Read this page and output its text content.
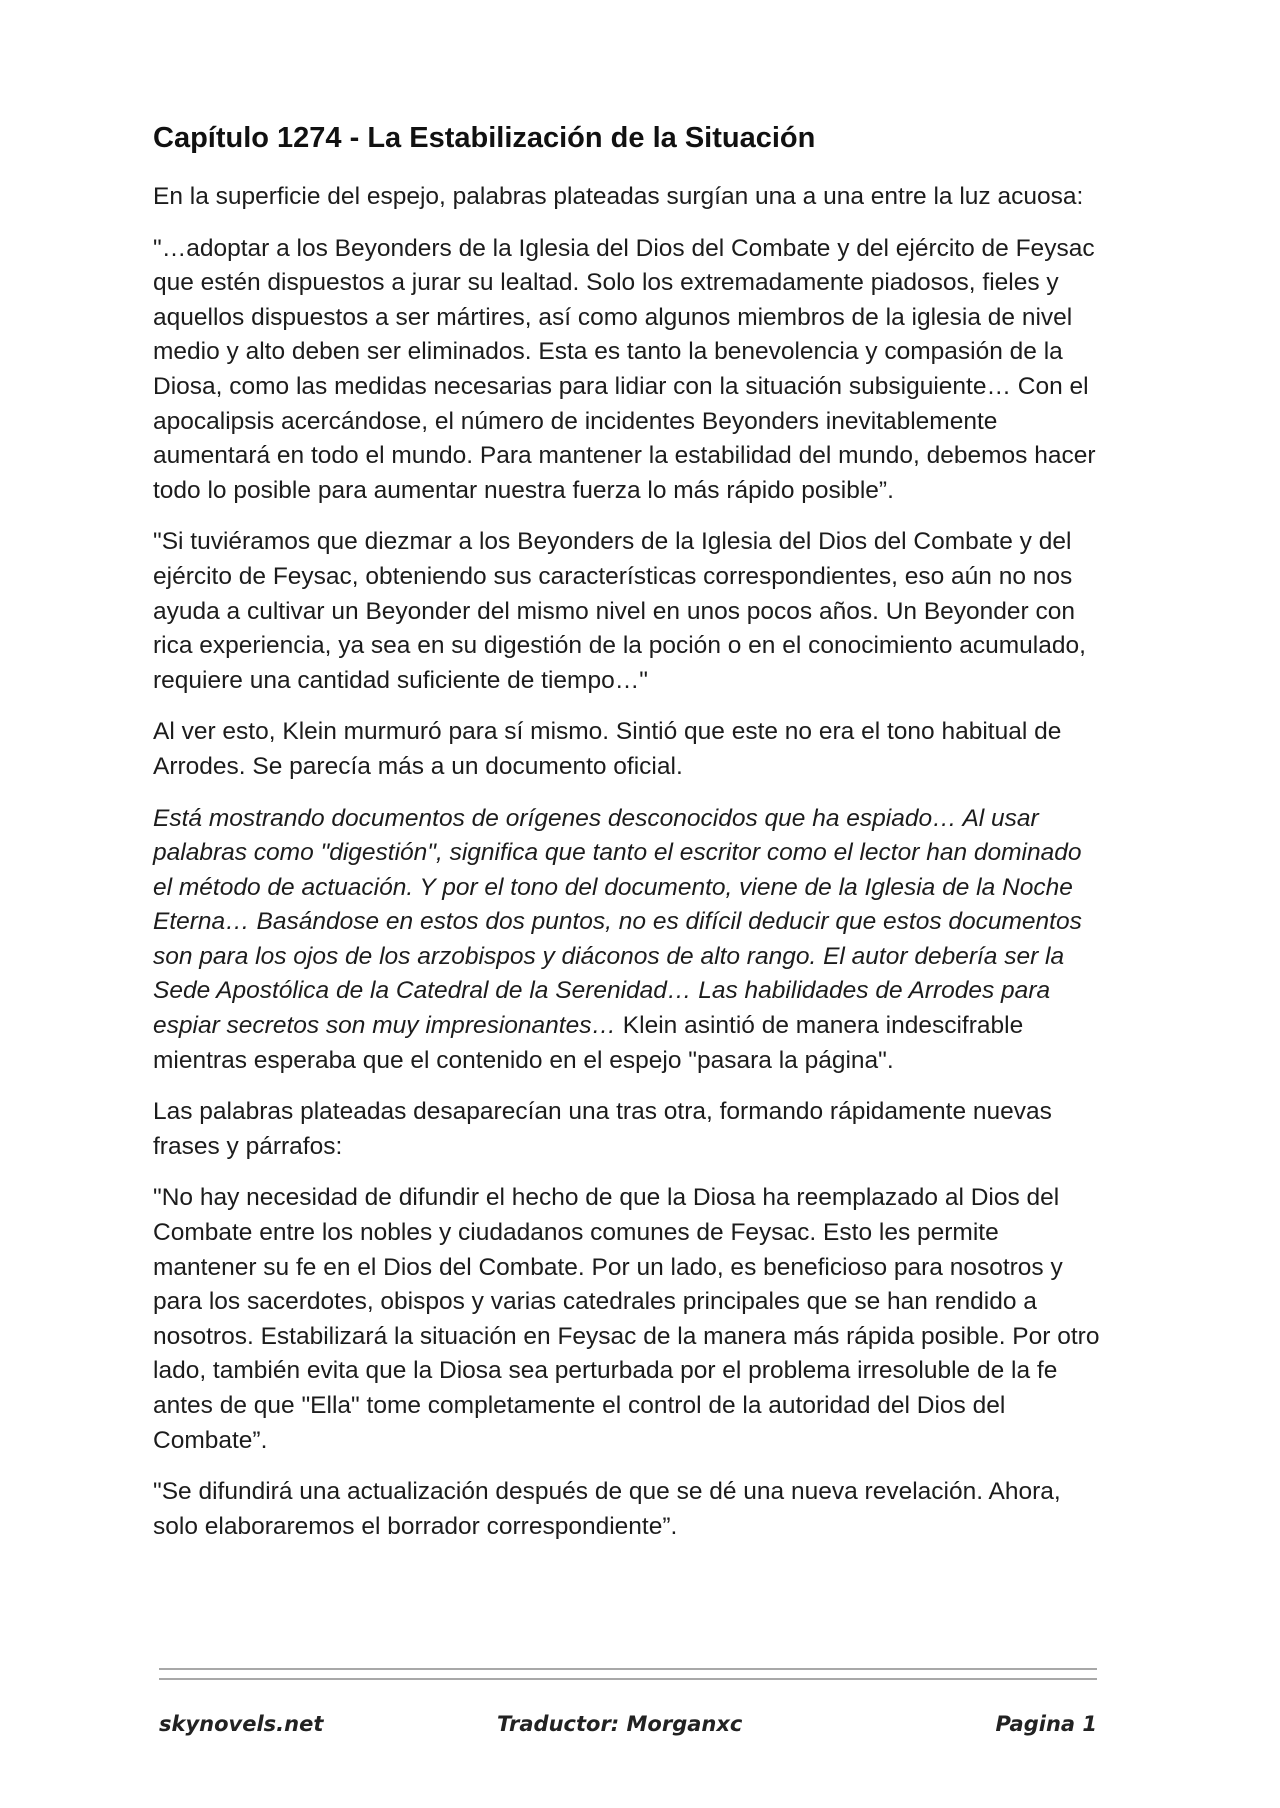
Capítulo 1274 - La Estabilización de la Situación

En la superficie del espejo, palabras plateadas surgían una a una entre la luz acuosa:

"…adoptar a los Beyonders de la Iglesia del Dios del Combate y del ejército de Feysac que estén dispuestos a jurar su lealtad. Solo los extremadamente piadosos, fieles y aquellos dispuestos a ser mártires, así como algunos miembros de la iglesia de nivel medio y alto deben ser eliminados. Esta es tanto la benevolencia y compasión de la Diosa, como las medidas necesarias para lidiar con la situación subsiguiente… Con el apocalipsis acercándose, el número de incidentes Beyonders inevitablemente aumentará en todo el mundo. Para mantener la estabilidad del mundo, debemos hacer todo lo posible para aumentar nuestra fuerza lo más rápido posible”.

"Si tuviéramos que diezmar a los Beyonders de la Iglesia del Dios del Combate y del ejército de Feysac, obteniendo sus características correspondientes, eso aún no nos ayuda a cultivar un Beyonder del mismo nivel en unos pocos años. Un Beyonder con rica experiencia, ya sea en su digestión de la poción o en el conocimiento acumulado, requiere una cantidad suficiente de tiempo…"

Al ver esto, Klein murmuró para sí mismo. Sintió que este no era el tono habitual de Arrodes. Se parecía más a un documento oficial.

Está mostrando documentos de orígenes desconocidos que ha espiado… Al usar palabras como "digestión", significa que tanto el escritor como el lector han dominado el método de actuación. Y por el tono del documento, viene de la Iglesia de la Noche Eterna… Basándose en estos dos puntos, no es difícil deducir que estos documentos son para los ojos de los arzobispos y diáconos de alto rango. El autor debería ser la Sede Apostólica de la Catedral de la Serenidad… Las habilidades de Arrodes para espiar secretos son muy impresionantes… Klein asintió de manera indescifrable mientras esperaba que el contenido en el espejo "pasara la página".

Las palabras plateadas desaparecían una tras otra, formando rápidamente nuevas frases y párrafos:

"No hay necesidad de difundir el hecho de que la Diosa ha reemplazado al Dios del Combate entre los nobles y ciudadanos comunes de Feysac. Esto les permite mantener su fe en el Dios del Combate. Por un lado, es beneficioso para nosotros y para los sacerdotes, obispos y varias catedrales principales que se han rendido a nosotros. Estabilizará la situación en Feysac de la manera más rápida posible. Por otro lado, también evita que la Diosa sea perturbada por el problema irresoluble de la fe antes de que "Ella" tome completamente el control de la autoridad del Dios del Combate”.

"Se difundirá una actualización después de que se dé una nueva revelación. Ahora, solo elaboraremos el borrador correspondiente”.

skynovels.net	Traductor: Morganxc	Pagina 1
